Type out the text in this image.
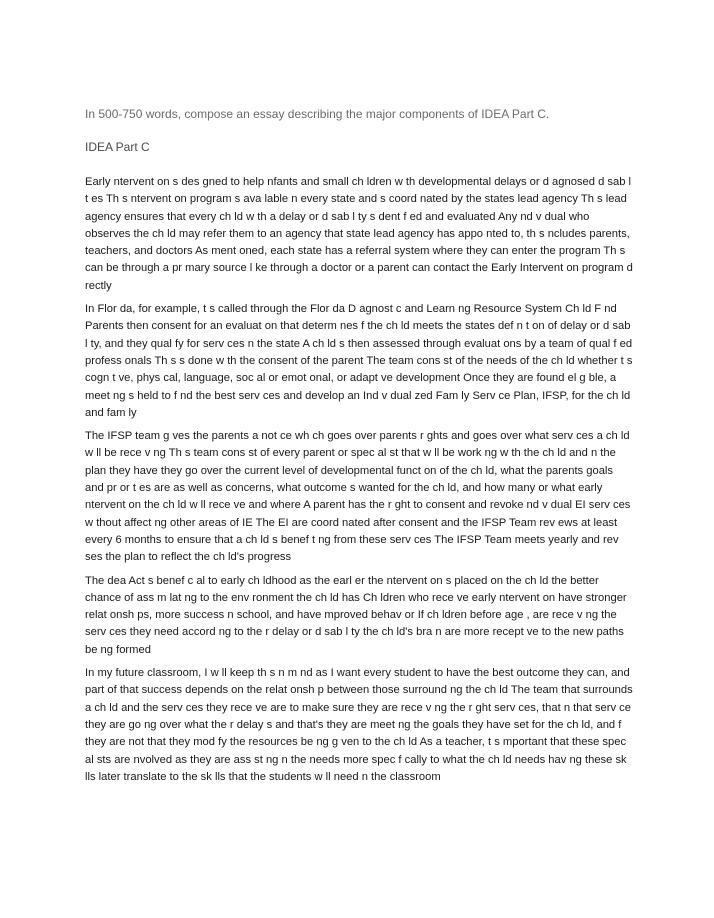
In 500-750 words, compose an essay describing the major components of IDEA Part C.

IDEA Part C

Early ntervent on s des gned to help nfants and small ch ldren w th developmental delays or d agnosed d sab l t es Th s ntervent on program s ava lable n every state and s coord nated by the states lead agency Th s lead agency ensures that every ch ld w th a delay or d sab l ty s dent f ed and evaluated Any nd v dual who observes the ch ld may refer them to an agency that state lead agency has appo nted to, th s ncludes parents, teachers, and doctors As ment oned, each state has a referral system where they can enter the program Th s can be through a pr mary source l ke through a doctor or a parent can contact the Early Intervent on program d rectly

In Flor da, for example, t s called through the Flor da D agnost c and Learn ng Resource System Ch ld F nd Parents then consent for an evaluat on that determ nes f the ch ld meets the states def n t on of delay or d sab l ty, and they qual fy for serv ces n the state A ch ld s then assessed through evaluat ons by a team of qual f ed profess onals Th s s done w th the consent of the parent The team cons st of the needs of the ch ld whether t s cogn t ve, phys cal, language, soc al or emot onal, or adapt ve development Once they are found el g ble, a meet ng s held to f nd the best serv ces and develop an Ind v dual zed Fam ly Serv ce Plan, IFSP, for the ch ld and fam ly

The IFSP team g ves the parents a not ce wh ch goes over parents r ghts and goes over what serv ces a ch ld w ll be rece v ng Th s team cons st of every parent or spec al st that w ll be work ng w th the ch ld and n the plan they have they go over the current level of developmental funct on of the ch ld, what the parents goals and pr or t es are as well as concerns, what outcome s wanted for the ch ld, and how many or what early ntervent on the ch ld w ll rece ve and where A parent has the r ght to consent and revoke nd v dual EI serv ces w thout affect ng other areas of IE The EI are coord nated after consent and the IFSP Team rev ews at least every 6 months to ensure that a ch ld s benef t ng from these serv ces The IFSP Team meets yearly and rev ses the plan to reflect the ch ld's progress

The dea Act s benef c al to early ch ldhood as the earl er the ntervent on s placed on the ch ld the better chance of ass m lat ng to the env ronment the ch ld has Ch ldren who rece ve early ntervent on have stronger relat onsh ps, more success n school, and have mproved behav or If ch ldren before age , are rece v ng the serv ces they need accord ng to the r delay or d sab l ty the ch ld's bra n are more recept ve to the new paths be ng formed

In my future classroom, I w ll keep th s n m nd as I want every student to have the best outcome they can, and part of that success depends on the relat onsh p between those surround ng the ch ld The team that surrounds a ch ld and the serv ces they rece ve are to make sure they are rece v ng the r ght serv ces, that n that serv ce they are go ng over what the r delay s and that's they are meet ng the goals they have set for the ch ld, and f they are not that they mod fy the resources be ng g ven to the ch ld As a teacher, t s mportant that these spec al sts are nvolved as they are ass st ng n the needs more spec f cally to what the ch ld needs hav ng these sk lls later translate to the sk lls that the students w ll need n the classroom
